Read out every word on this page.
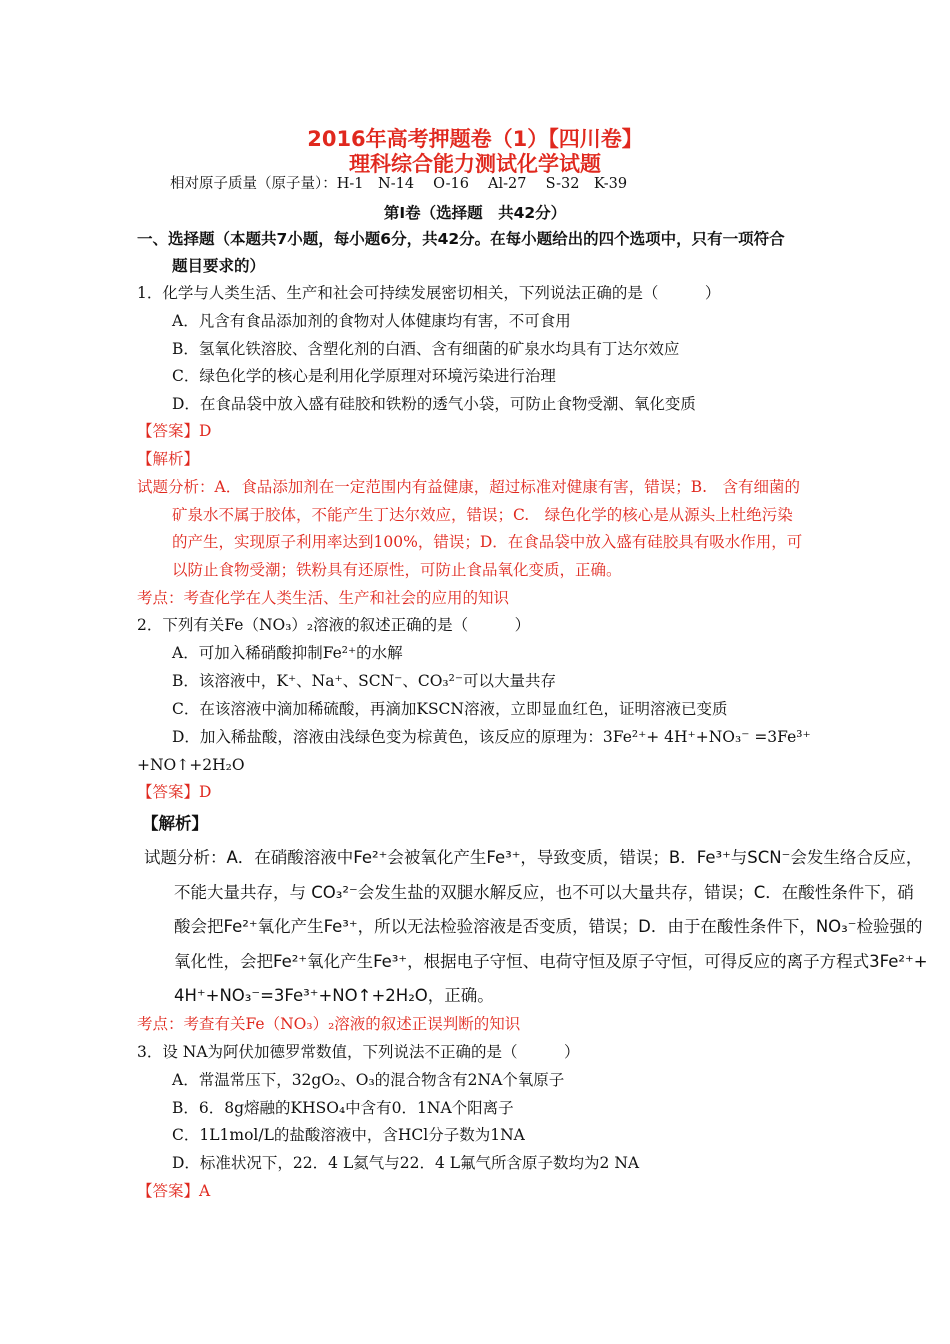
2016年高考押题卷（1）【四川卷】
理科综合能力测试化学试题
相对原子质量（原子量）：H-1　N-14　 O-16　 Al-27　 S-32　K-39
第Ⅰ卷（选择题　共42分）
一、选择题（本题共7小题，每小题6分，共42分。在每小题给出的四个选项中，只有一项符合
题目要求的）
1．化学与人类生活、生产和社会可持续发展密切相关，下列说法正确的是（　　　）
A．凡含有食品添加剂的食物对人体健康均有害，不可食用
B．氢氧化铁溶胶、含塑化剂的白酒、含有细菌的矿泉水均具有丁达尔效应
C．绿色化学的核心是利用化学原理对环境污染进行治理
D．在食品袋中放入盛有硅胶和铁粉的透气小袋，可防止食物受潮、氧化变质
【答案】D
【解析】
试题分析：A．食品添加剂在一定范围内有益健康，超过标准对健康有害，错误；B.　含有细菌的
矿泉水不属于胶体，不能产生丁达尔效应，错误；C.　绿色化学的核心是从源头上杜绝污染
的产生，实现原子利用率达到100%，错误；D．在食品袋中放入盛有硅胶具有吸水作用，可
以防止食物受潮；铁粉具有还原性，可防止食品氧化变质，正确。
考点：考查化学在人类生活、生产和社会的应用的知识
2．下列有关Fe（NO₃）₂溶液的叙述正确的是（　　　）
A．可加入稀硝酸抑制Fe²⁺的水解
B．该溶液中，K⁺、Na⁺、SCN⁻、CO₃²⁻可以大量共存
C．在该溶液中滴加稀硫酸，再滴加KSCN溶液，立即显血红色，证明溶液已变质
D．加入稀盐酸，溶液由浅绿色变为棕黄色，该反应的原理为：3Fe²⁺+ 4H⁺+NO₃⁻ =3Fe³⁺
+NO↑+2H₂O
【答案】D
【解析】
试题分析：A．在硝酸溶液中Fe²⁺会被氧化产生Fe³⁺，导致变质，错误；B．Fe³⁺与SCN⁻会发生络合反应，
不能大量共存，与 CO₃²⁻会发生盐的双腿水解反应，也不可以大量共存，错误；C．在酸性条件下，硝
酸会把Fe²⁺氧化产生Fe³⁺，所以无法检验溶液是否变质，错误；D．由于在酸性条件下，NO₃⁻检验强的
氧化性，会把Fe²⁺氧化产生Fe³⁺，根据电子守恒、电荷守恒及原子守恒，可得反应的离子方程式3Fe²⁺+
4H⁺+NO₃⁻=3Fe³⁺+NO↑+2H₂O，正确。
考点：考查有关Fe（NO₃）₂溶液的叙述正误判断的知识
3．设 NA为阿伏加德罗常数值，下列说法不正确的是（　　　）
A．常温常压下，32gO₂、O₃的混合物含有2NA个氧原子
B．6．8g熔融的KHSO₄中含有0．1NA个阳离子
C．1L1mol/L的盐酸溶液中，含HCl分子数为1NA
D．标准状况下，22．4 L氦气与22．4 L氟气所含原子数均为2 NA
【答案】A
